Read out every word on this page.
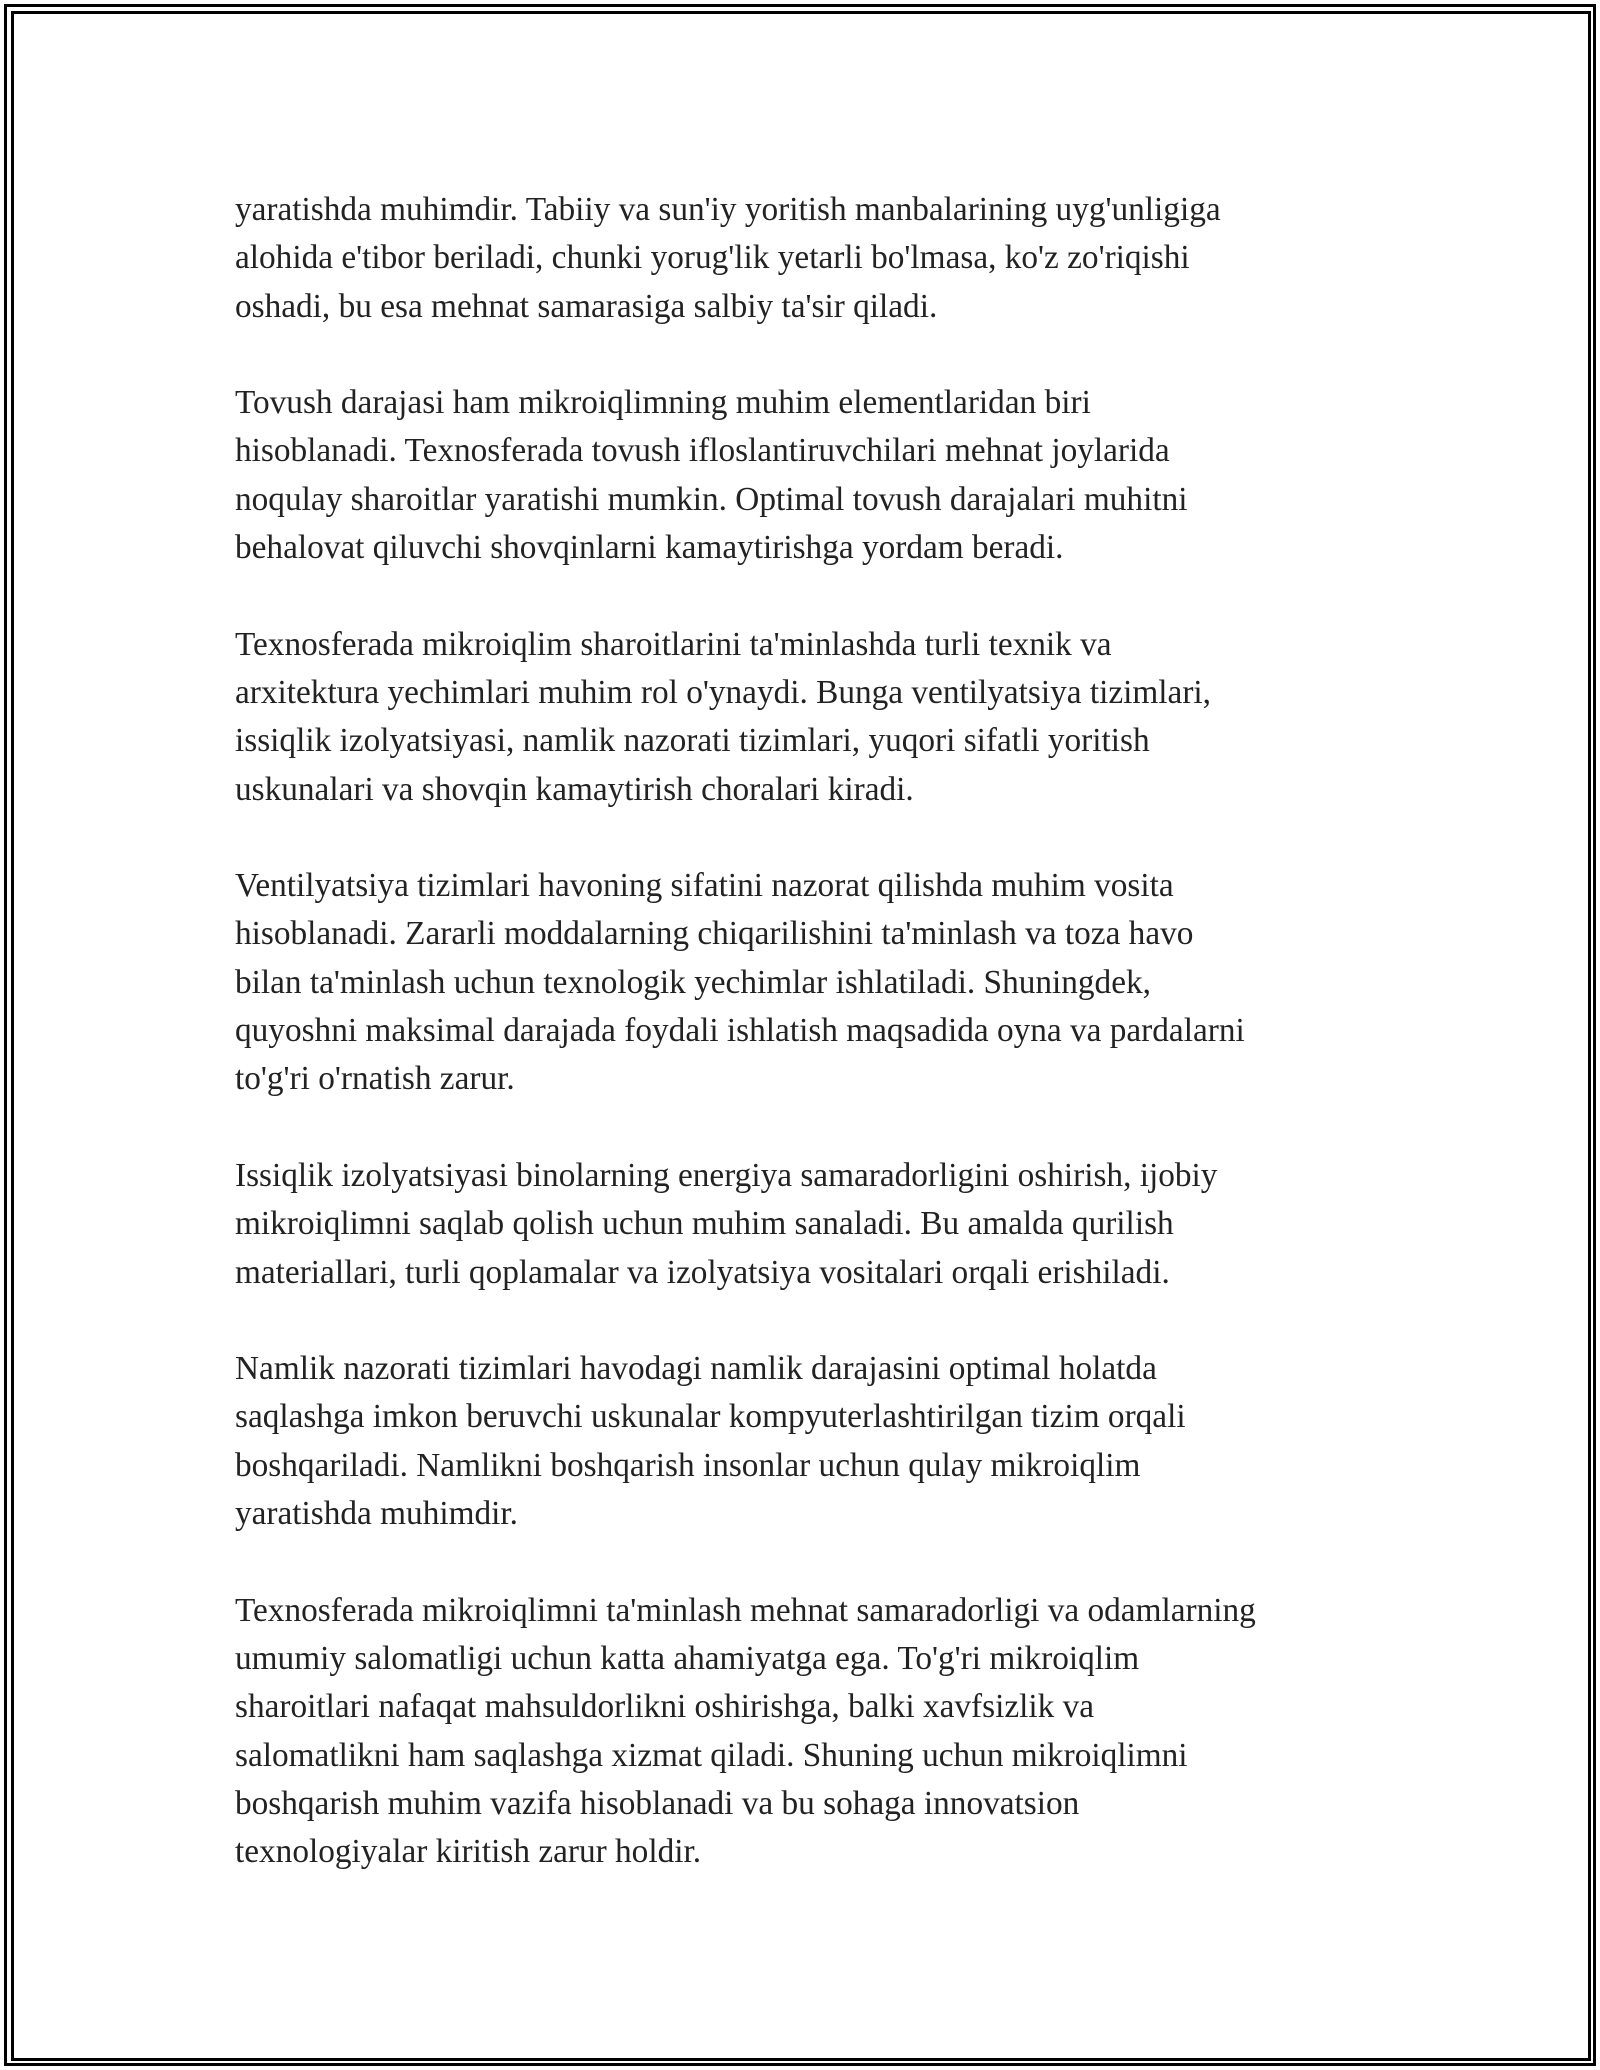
yaratishda muhimdir. Tabiiy va sun'iy yoritish manbalarining uyg'unligiga
alohida e'tibor beriladi, chunki yorug'lik yetarli bo'lmasa, ko'z zo'riqishi
oshadi, bu esa mehnat samarasiga salbiy ta'sir qiladi.

Tovush darajasi ham mikroiqlimning muhim elementlaridan biri
hisoblanadi. Texnosferada tovush ifloslantiruvchilari mehnat joylarida
noqulay sharoitlar yaratishi mumkin. Optimal tovush darajalari muhitni
behalovat qiluvchi shovqinlarni kamaytirishga yordam beradi.

Texnosferada mikroiqlim sharoitlarini ta'minlashda turli texnik va
arxitektura yechimlari muhim rol o'ynaydi. Bunga ventilyatsiya tizimlari,
issiqlik izolyatsiyasi, namlik nazorati tizimlari, yuqori sifatli yoritish
uskunalari va shovqin kamaytirish choralari kiradi.

Ventilyatsiya tizimlari havoning sifatini nazorat qilishda muhim vosita
hisoblanadi. Zararli moddalarning chiqarilishini ta'minlash va toza havo
bilan ta'minlash uchun texnologik yechimlar ishlatiladi. Shuningdek,
quyoshni maksimal darajada foydali ishlatish maqsadida oyna va pardalarni
to'g'ri o'rnatish zarur.

Issiqlik izolyatsiyasi binolarning energiya samaradorligini oshirish, ijobiy
mikroiqlimni saqlab qolish uchun muhim sanaladi. Bu amalda qurilish
materiallari, turli qoplamalar va izolyatsiya vositalari orqali erishiladi.

Namlik nazorati tizimlari havodagi namlik darajasini optimal holatda
saqlashga imkon beruvchi uskunalar kompyuterlashtirilgan tizim orqali
boshqariladi. Namlikni boshqarish insonlar uchun qulay mikroiqlim
yaratishda muhimdir.

Texnosferada mikroiqlimni ta'minlash mehnat samaradorligi va odamlarning
umumiy salomatligi uchun katta ahamiyatga ega. To'g'ri mikroiqlim
sharoitlari nafaqat mahsuldorlikni oshirishga, balki xavfsizlik va
salomatlikni ham saqlashga xizmat qiladi. Shuning uchun mikroiqlimni
boshqarish muhim vazifa hisoblanadi va bu sohaga innovatsion
texnologiyalar kiritish zarur holdir.
